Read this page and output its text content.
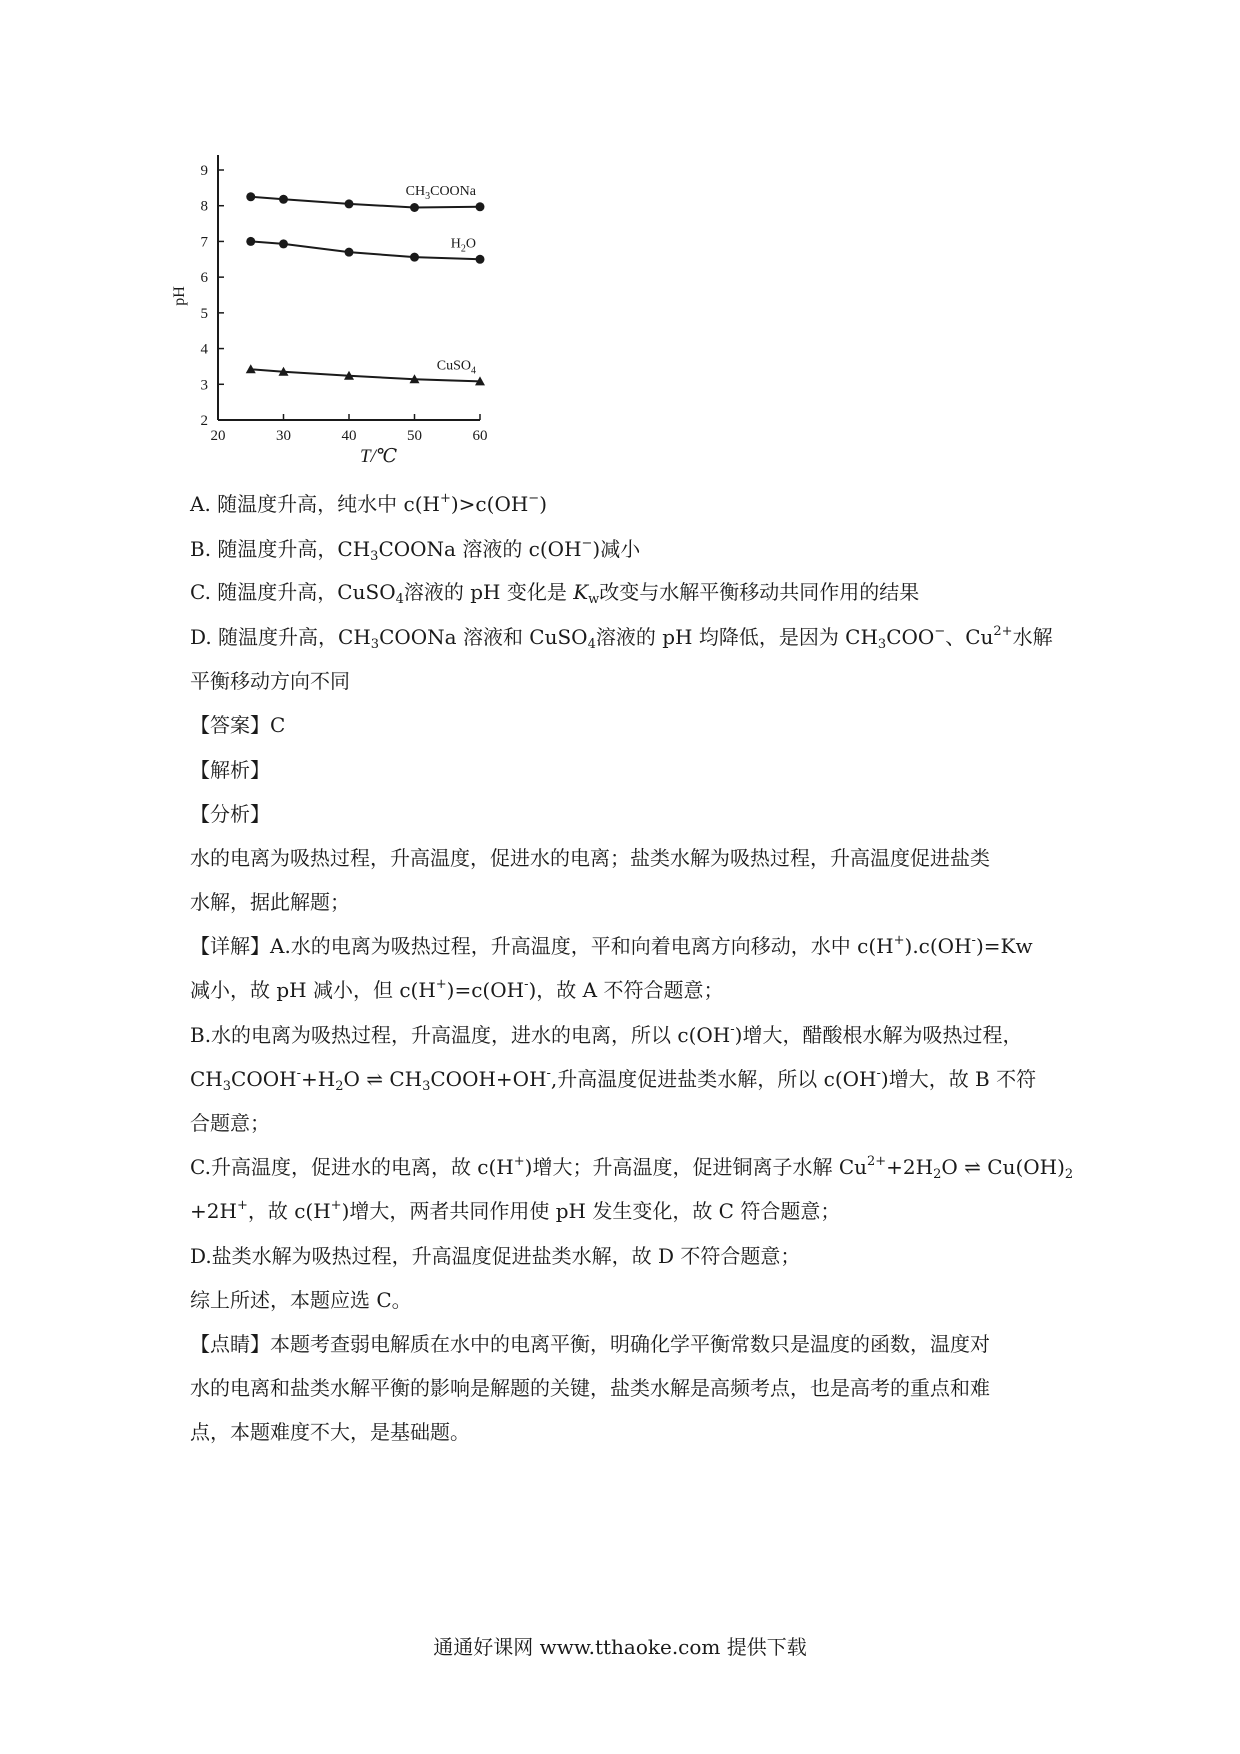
2
3
4
5
6
7
8
9
20	30	40	50	60
$CH_3COONa$
$H_2O$
CuSO$_4$
T/℃
pH
A. 随温度升高，纯水中 c(H+)>c(OH−)
B. 随温度升高，$CH_3COONa$ 溶液的 c(OH−)减小
C. 随温度升高，CuSO$_4$溶液的 pH 变化是 $K_w$改变与水解平衡移动共同作用的结果
D. 随温度升高，$CH_3COONa$ 溶液和 CuSO$_4$溶液的 pH 均降低，是因为 $CH_3COO^-$、$Cu^{2+}$水解
平衡移动方向不同
【答案】C
【解析】
【分析】
水的电离为吸热过程，升高温度，促进水的电离；盐类水解为吸热过程，升高温度促进盐类
水解，据此解题；
【详解】A.水的电离为吸热过程，升高温度，平和向着电离方向移动，水中 c(H+).c(OH-)=Kw
减小，故 pH 减小，但 c(H+)=c(OH-)，故 A 不符合题意；
B.水的电离为吸热过程，升高温度，进水的电离，所以 c(OH-)增大，醋酸根水解为吸热过程，
$CH_3COOH^-+H_2O$ ⇌ $CH_3COOH+OH^-$,升高温度促进盐类水解，所以 c(OH-)增大，故 B 不符
合题意；
C.升高温度，促进水的电离，故 c(H+)增大；升高温度，促进铜离子水解 $Cu^{2+}+2H_2O$ ⇌ $Cu(OH)_2$
+2H+，故 c(H+)增大，两者共同作用使 pH 发生变化，故 C 符合题意；
D.盐类水解为吸热过程，升高温度促进盐类水解，故 D 不符合题意；
综上所述，本题应选 C。
【点睛】本题考查弱电解质在水中的电离平衡，明确化学平衡常数只是温度的函数，温度对
水的电离和盐类水解平衡的影响是解题的关键，盐类水解是高频考点，也是高考的重点和难
点，本题难度不大，是基础题。
通通好课网 www.tthaoke.com 提供下载
